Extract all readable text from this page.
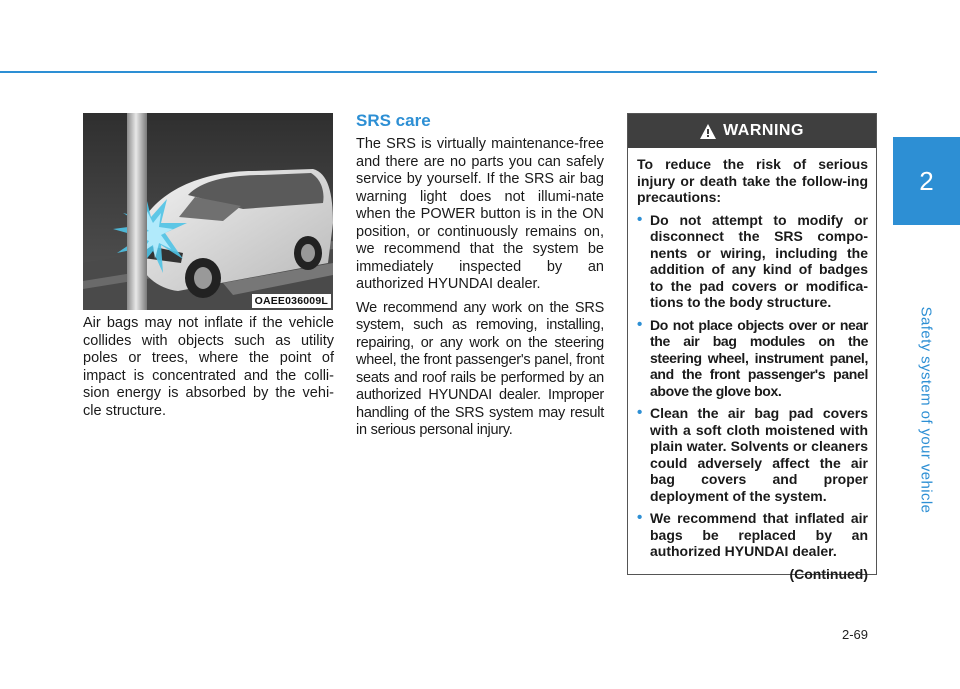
2
Safety system of your vehicle
OAEE036009L

Air bags may not inflate if the vehicle collides with objects such as utility poles or trees, where the point of impact is concentrated and the colli-sion energy is absorbed by the vehi-cle structure.

SRS care

The SRS is virtually maintenance-free and there are no parts you can safely service by yourself. If the SRS air bag warning light does not illumi-nate when the POWER button is in the ON position, or continuously remains on, we recommend that the system be immediately inspected by an authorized HYUNDAI dealer.

We recommend any work on the SRS system, such as removing, installing, repairing, or any work on the steering wheel, the front passenger's panel, front seats and roof rails be performed by an authorized HYUNDAI dealer. Improper handling of the SRS system may result in serious personal injury.

WARNING

To reduce the risk of serious injury or death take the follow-ing precautions:

• Do not attempt to modify or disconnect the SRS compo-nents or wiring, including the addition of any kind of badges to the pad covers or modifica-tions to the body structure.
• Do not place objects over or near the air bag modules on the steering wheel, instrument panel, and the front passenger's panel above the glove box.
• Clean the air bag pad covers with a soft cloth moistened with plain water. Solvents or cleaners could adversely affect the air bag covers and proper deployment of the system.
• We recommend that inflated air bags be replaced by an authorized HYUNDAI dealer.

(Continued)

2-69
